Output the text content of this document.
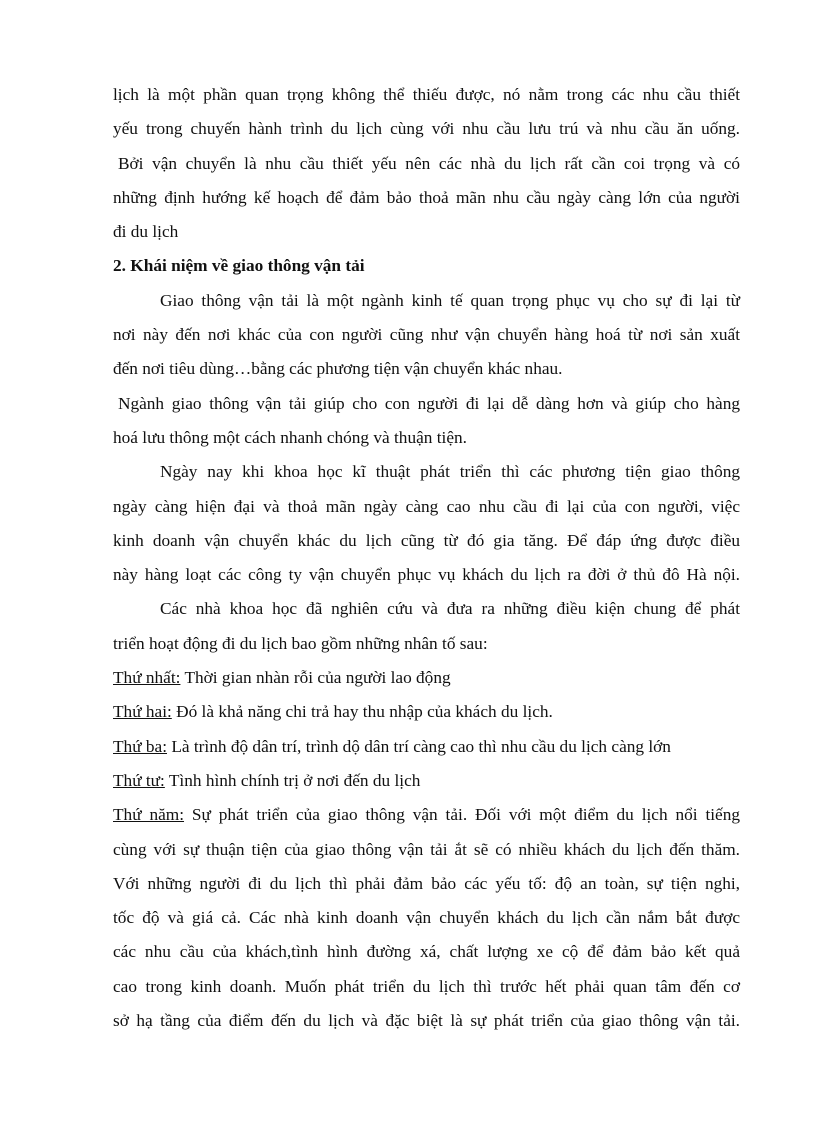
lịch là một phần quan trọng không thể thiếu được, nó nằm trong các nhu cầu thiết
yếu trong chuyến hành trình du lịch cùng với nhu cầu lưu trú và nhu cầu ăn uống.
Bởi vận chuyển là nhu cầu thiết yếu nên các nhà du lịch rất cần coi trọng và có
những định hướng kế hoạch để đảm bảo thoả mãn nhu cầu ngày càng lớn của người
đi du lịch
2. Khái niệm về giao thông vận tải
Giao thông vận tải là một ngành kinh tế quan trọng phục vụ cho sự đi lại từ
nơi này đến nơi khác của con người cũng như vận chuyển hàng hoá từ nơi sản xuất
đến nơi tiêu dùng…bằng các phương tiện vận chuyển khác nhau.
Ngành giao thông vận tải giúp cho con người đi lại dễ dàng hơn và giúp cho hàng
hoá lưu thông một cách nhanh chóng và thuận tiện.
Ngày nay khi khoa học kĩ thuật phát triển thì các phương tiện giao thông
ngày càng hiện đại và thoả mãn ngày càng cao nhu cầu đi lại của con người, việc
kinh doanh vận chuyển khác du lịch cũng từ đó gia tăng. Để đáp ứng được điều
này hàng loạt các công ty vận chuyển phục vụ khách du lịch ra đời ở thủ đô Hà nội.
Các nhà khoa học đã nghiên cứu và đưa ra những điều kiện chung để phát
triển hoạt động đi du lịch bao gồm những nhân tố sau:
Thứ nhất: Thời gian nhàn rỗi của người lao động
Thứ hai: Đó là khả năng chi trả hay thu nhập của khách du lịch.
Thứ ba: Là trình độ dân trí, trình dộ dân trí càng cao thì nhu cầu du lịch càng lớn
Thứ tư: Tình hình chính trị ở nơi đến du lịch
Thứ năm: Sự phát triển của giao thông vận tải. Đối với một điểm du lịch nổi tiếng
cùng với sự thuận tiện của giao thông vận tải ắt sẽ có nhiều khách du lịch đến thăm.
Với những người đi du lịch thì phải đảm bảo các yếu tố: độ an toàn, sự tiện nghi,
tốc độ và giá cả. Các nhà kinh doanh vận chuyển khách du lịch cần nắm bắt được
các nhu cầu của khách,tình hình đường xá, chất lượng xe cộ để đảm bảo kết quả
cao trong kinh doanh. Muốn phát triển du lịch thì trước hết phải quan tâm đến cơ
sở hạ tầng của điểm đến du lịch và đặc biệt là sự phát triển của giao thông vận tải.
